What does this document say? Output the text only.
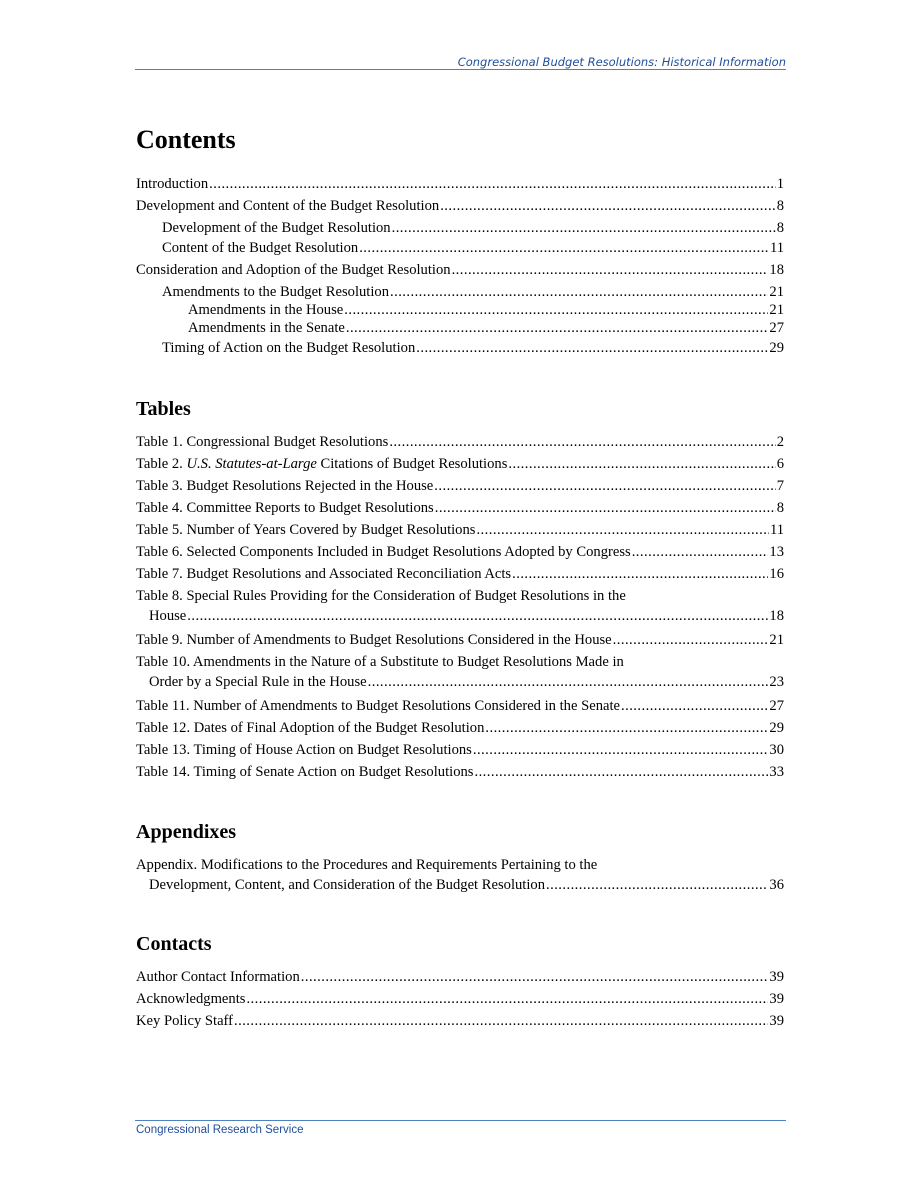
Congressional Budget Resolutions: Historical Information
Contents
Introduction . . .	1
Development and Content of the Budget Resolution . . .	8
Development of the Budget Resolution . . .	8
Content of the Budget Resolution . . .	11
Consideration and Adoption of the Budget Resolution . . .	18
Amendments to the Budget Resolution . . .	21
Amendments in the House . . .	21
Amendments in the Senate . . .	27
Timing of Action on the Budget Resolution . . .	29
Tables
Table 1. Congressional Budget Resolutions . . .	2
Table 2. U.S. Statutes-at-Large Citations of Budget Resolutions . . .	6
Table 3. Budget Resolutions Rejected in the House . . .	7
Table 4. Committee Reports to Budget Resolutions . . .	8
Table 5. Number of Years Covered by Budget Resolutions . . .	11
Table 6. Selected Components Included in Budget Resolutions Adopted by Congress . . .	13
Table 7. Budget Resolutions and Associated Reconciliation Acts . . .	16
Table 8. Special Rules Providing for the Consideration of Budget Resolutions in the
House . . .	18
Table 9. Number of Amendments to Budget Resolutions Considered in the House . . .	21
Table 10. Amendments in the Nature of a Substitute to Budget Resolutions Made in
Order by a Special Rule in the House . . .	23
Table 11. Number of Amendments to Budget Resolutions Considered in the Senate . . .	27
Table 12. Dates of Final Adoption of the Budget Resolution . . .	29
Table 13. Timing of House Action on Budget Resolutions . . .	30
Table 14. Timing of Senate Action on Budget Resolutions . . .	33
Appendixes
Appendix. Modifications to the Procedures and Requirements Pertaining to the
Development, Content, and Consideration of the Budget Resolution . . .	36
Contacts
Author Contact Information . . .	39
Acknowledgments . . .	39
Key Policy Staff . . .	39
Congressional Research Service
